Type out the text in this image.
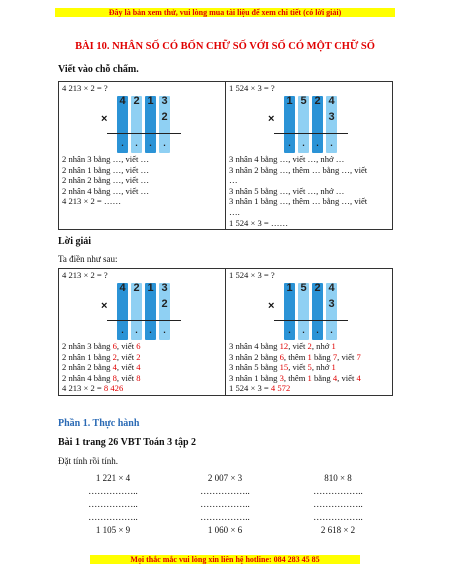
Đây là bản xem thử, vui lòng mua tài liệu để xem chi tiết (có lời giải)
BÀI 10. NHÂN SỐ CÓ BỐN CHỮ SỐ VỚI SỐ CÓ MỘT CHỮ SỐ
Viết vào chỗ chấm.
4 213 × 2 = ?
×
4
.
2
.
1
.
3
2
.
2 nhân 3 bằng …, viết …
2 nhân 1 bằng …, viết …
2 nhân 2 bằng …, viết …
2 nhân 4 bằng …, viết …
4 213 × 2 = ……

1 524 × 3 = ?
×
1
.
5
.
2
.
4
3
.
3 nhân 4 bằng …, viết …, nhớ …
3 nhân 2 bằng …, thêm … bằng …, viết
…
3 nhân 5 bằng …, viết …, nhớ …
3 nhân 1 bằng …, thêm … bằng …, viết
….
1 524 × 3 = ……
Lời giải
Ta điền như sau:
4 213 × 2 = ?
×
4
.
2
.
1
.
3
2
.
2 nhân 3 bằng 6, viết 6
2 nhân 1 bằng 2, viết 2
2 nhân 2 bằng 4, viết 4
2 nhân 4 bằng 8, viết 8
4 213 × 2 = 8 426

1 524 × 3 = ?
×
1
.
5
.
2
.
4
3
.
3 nhân 4 bằng 12, viết 2, nhớ 1
3 nhân 2 bằng 6, thêm 1 bằng 7, viết 7
3 nhân 5 bằng 15, viết 5, nhớ 1
3 nhân 1 bằng 3, thêm 1 bằng 4, viết 4
1 524 × 3 = 4 572
Phần 1. Thực hành
Bài 1 trang 26 VBT Toán 3 tập 2
Đặt tính rồi tính.
1 221 × 4	2 007 × 3	810 × 8
……………..	……………..	……………..
……………..	……………..	……………..
……………..	……………..	……………..
1 105 × 9	1 060 × 6	2 618 × 2
Mọi thắc mắc vui lòng xin liên hệ hotline: 084 283 45 85
